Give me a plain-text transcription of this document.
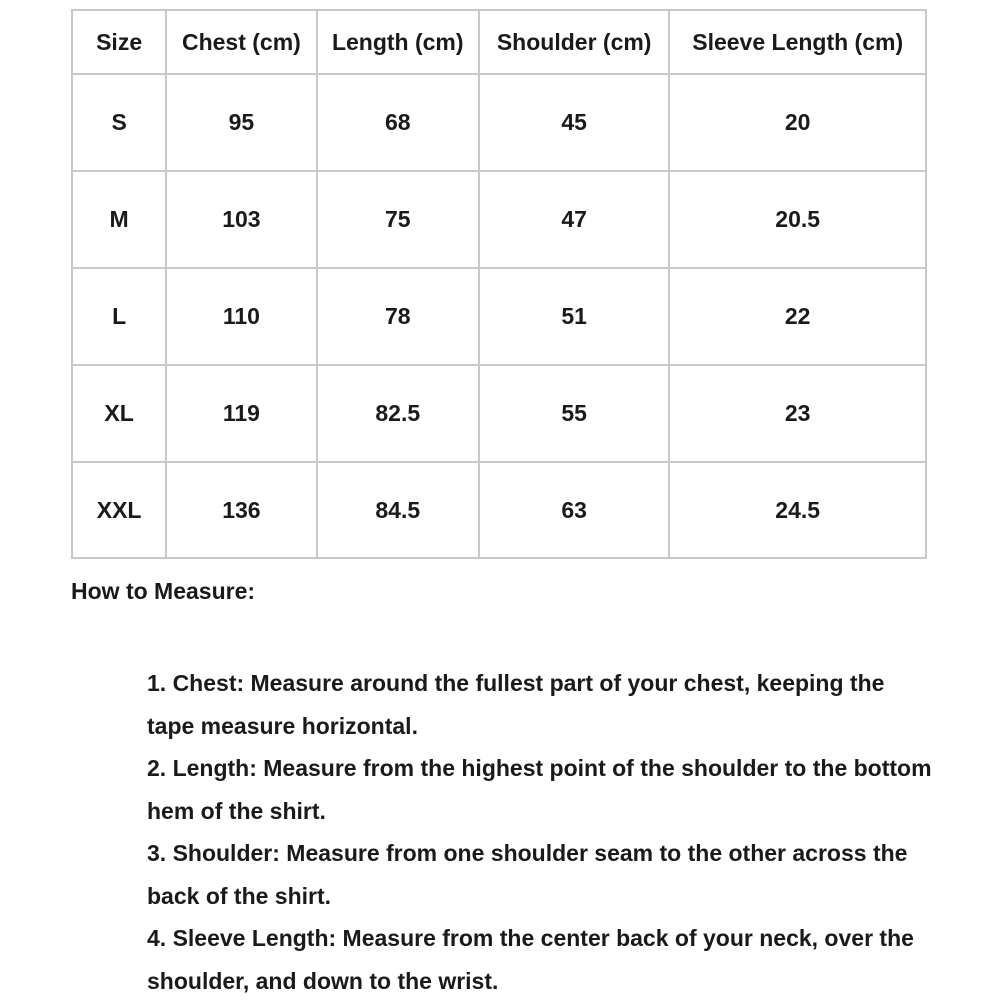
Size	Chest (cm)	Length (cm)	Shoulder (cm)	Sleeve Length (cm)
S	95	68	45	20
M	103	75	47	20.5
L	110	78	51	22
XL	119	82.5	55	23
XXL	136	84.5	63	24.5
How to Measure:
1. Chest: Measure around the fullest part of your chest, keeping the tape measure horizontal.
2. Length: Measure from the highest point of the shoulder to the bottom hem of the shirt.
3. Shoulder: Measure from one shoulder seam to the other across the back of the shirt.
4. Sleeve Length: Measure from the center back of your neck, over the shoulder, and down to the wrist.
